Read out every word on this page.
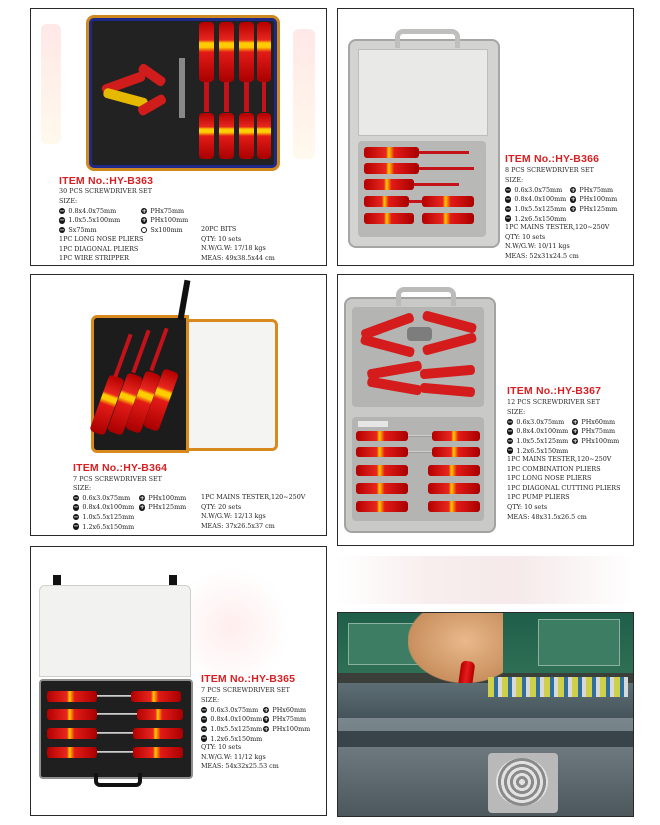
ITEM No.:HY-B363
30 PCS SCREWDRIVER SET
SIZE:
− 0.8x4.0x75mm
− 1.0x5.5x100mm
− Sx75mm
+ PHx75mm
+ PHx100mm
Sx100mm
1PC LONG NOSE PLIERS
1PC DIAGONAL PLIERS
1PC WIRE STRIPPER
20PC BITS
QTY: 10 sets
N.W/G.W: 17/18 kgs
MEAS: 49x38.5x44 cm
ITEM No.:HY-B366
8 PCS SCREWDRIVER SET
SIZE:
− 0.6x3.0x75mm
− 0.8x4.0x100mm
− 1.0x5.5x125mm
− 1.2x6.5x150mm
+ PHx75mm
+ PHx100mm
+ PHx125mm
1PC MAINS TESTER,120~250V
QTY: 10 sets
N.W/G.W: 10/11 kgs
MEAS: 52x31x24.5 cm
ITEM No.:HY-B364
7 PCS SCREWDRIVER SET
SIZE:
− 0.6x3.0x75mm
− 0.8x4.0x100mm
− 1.0x5.5x125mm
− 1.2x6.5x150mm
+ PHx100mm
+ PHx125mm
1PC MAINS TESTER,120~250V
QTY: 20 sets
N.W/G.W: 12/13 kgs
MEAS: 37x26.5x37 cm
ITEM No.:HY-B367
12 PCS SCREWDRIVER SET
SIZE:
− 0.6x3.0x75mm
− 0.8x4.0x100mm
− 1.0x5.5x125mm
− 1.2x6.5x150mm
+ PHx60mm
+ PHx75mm
+ PHx100mm
1PC MAINS TESTER,120~250V
1PC COMBINATION PLIERS
1PC LONG NOSE PLIERS
1PC DIAGONAL CUTTING PLIERS
1PC PUMP PLIERS
QTY: 10 sets
MEAS: 48x31.5x26.5 cm
ITEM No.:HY-B365
7 PCS SCREWDRIVER SET
SIZE:
− 0.6x3.0x75mm
− 0.8x4.0x100mm
− 1.0x5.5x125mm
− 1.2x6.5x150mm
+ PHx60mm
+ PHx75mm
+ PHx100mm
QTY: 10 sets
N.W/G.W: 11/12 kgs
MEAS: 54x32x25.53 cm
